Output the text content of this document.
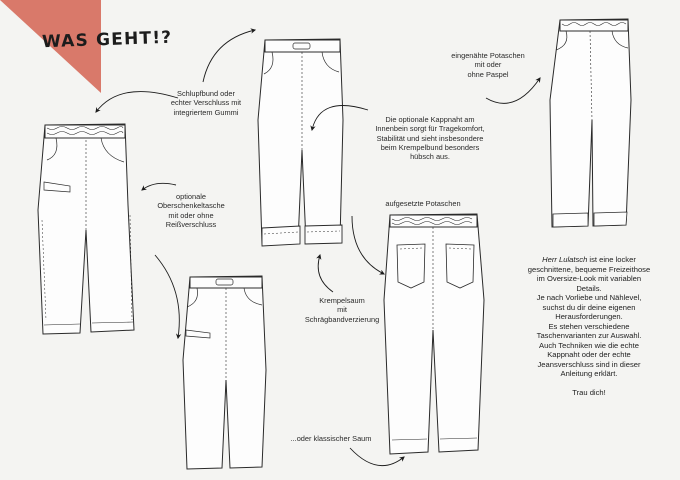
WAS GEHT!?
Schlupfbund oder
echter Verschluss mit
integriertem Gummi
eingenähte Potaschen
mit oder
ohne Paspel
Die optionale Kappnaht am
Innenbein sorgt für Tragekomfort,
Stabilität und sieht insbesondere
beim Krempelbund besonders
hübsch aus.
optionale
Oberschenkeltasche
mit oder ohne
Reißverschluss
aufgesetzte Potaschen
Krempelsaum
mit
Schrägbandverzierung
...oder klassischer Saum
Herr Lulatsch ist eine locker
geschnittene, bequeme Freizeithose
im Oversize-Look mit variablen
Details.
Je nach Vorliebe und Nählevel,
suchst du dir deine eigenen
Herausforderungen.
Es stehen verschiedene
Taschenvarianten zur Auswahl.
Auch Techniken wie die echte
Kappnaht oder der echte
Jeansverschluss sind in dieser
Anleitung erklärt.
Trau dich!
